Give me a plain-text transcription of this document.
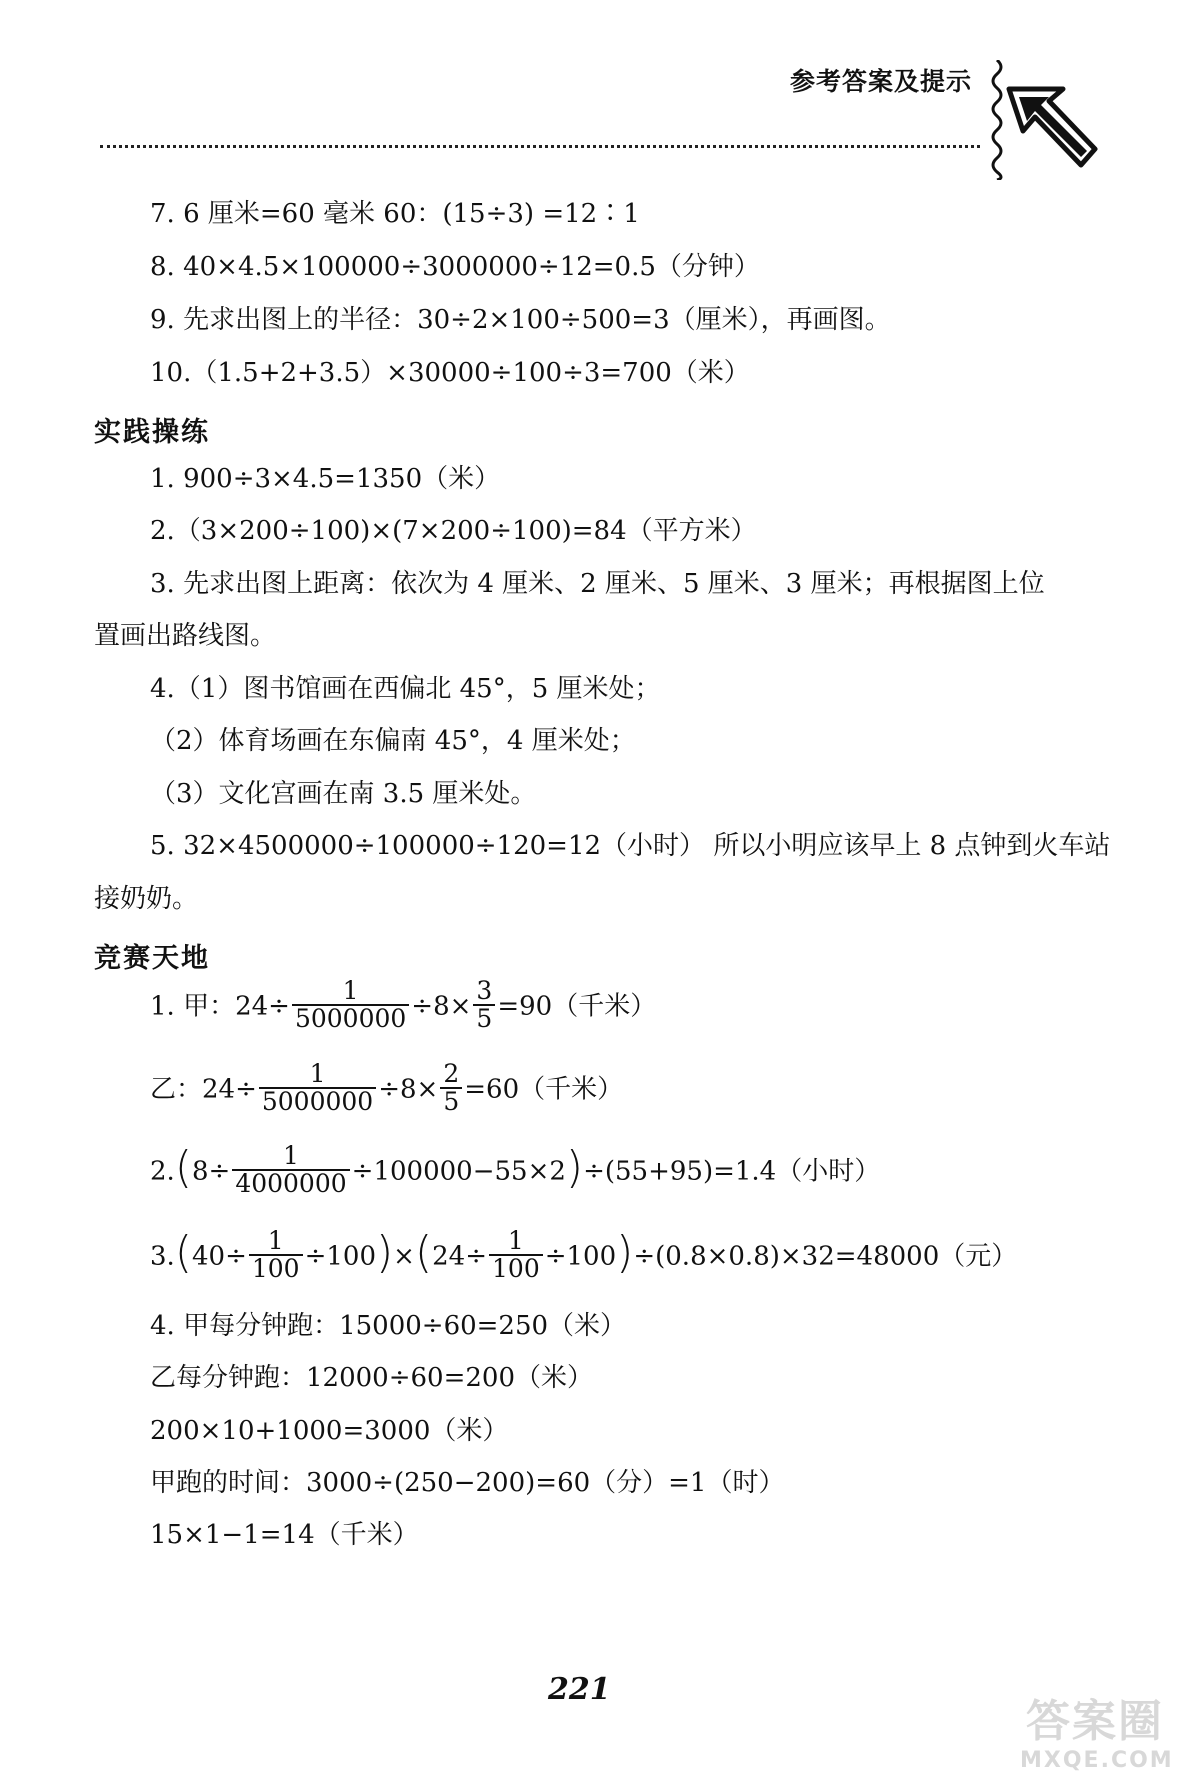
参考答案及提示
7. 6 厘米=60 毫米 60：(15÷3) =12∶1
8. 40×4.5×100000÷3000000÷12=0.5（分钟）
9. 先求出图上的半径：30÷2×100÷500=3（厘米），再画图。
10.（1.5+2+3.5）×30000÷100÷3=700（米）
实践操练
1. 900÷3×4.5=1350（米）
2.（3×200÷100)×(7×200÷100)=84（平方米）
3. 先求出图上距离：依次为 4 厘米、2 厘米、5 厘米、3 厘米；再根据图上位
置画出路线图。
4.（1）图书馆画在西偏北 45°，5 厘米处；
（2）体育场画在东偏南 45°，4 厘米处；
（3）文化宫画在南 3.5 厘米处。
5. 32×4500000÷100000÷120=12（小时） 所以小明应该早上 8 点钟到火车站
接奶奶。
竞赛天地
1. 甲：$24\div \frac{1}{5000000} \div 8\times \frac{3}{5} =90$（千米）
乙：$24\div \frac{1}{5000000} \div 8\times \frac{2}{5} =60$（千米）
$2.(8\div \frac{1}{4000000} \div 100000-55\times 2)\div(55+95)=1.4$（小时）
$3.(40\div \frac{1}{100} \div 100)\times(24\div \frac{1}{100} \div 100)\div(0.8\times 0.8)\times 32=48000$（元）
4. 甲每分钟跑：15000÷60=250（米）
乙每分钟跑：12000÷60=200（米）
200×10+1000=3000（米）
甲跑的时间：3000÷(250−200)=60（分）=1（时）
15×1−1=14（千米）
221
答案圈
MXQE.COM
